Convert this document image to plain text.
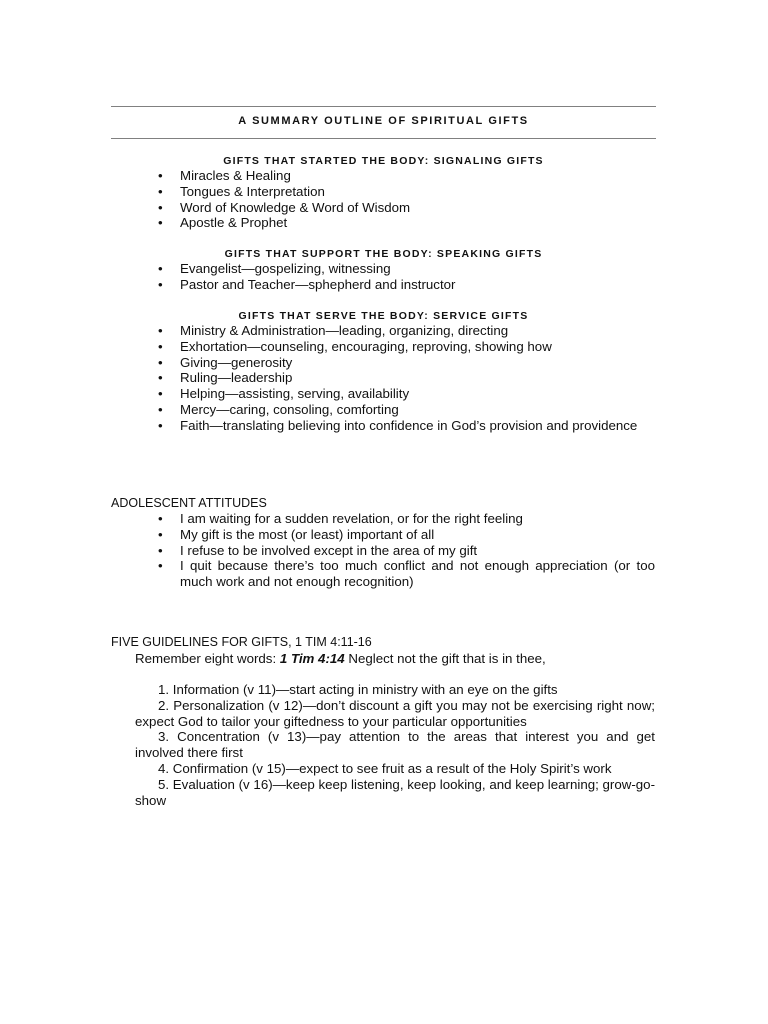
A SUMMARY OUTLINE OF SPIRITUAL GIFTS
GIFTS THAT STARTED THE BODY: SIGNALING GIFTS
• Miracles & Healing
• Tongues & Interpretation
• Word of Knowledge & Word of Wisdom
• Apostle & Prophet
GIFTS THAT SUPPORT THE BODY: SPEAKING GIFTS
• Evangelist—gospelizing, witnessing
• Pastor and Teacher—sphepherd and instructor
GIFTS THAT SERVE THE BODY: SERVICE GIFTS
• Ministry & Administration—leading, organizing, directing
• Exhortation—counseling, encouraging, reproving, showing how
• Giving—generosity
• Ruling—leadership
• Helping—assisting, serving, availability
• Mercy—caring, consoling, comforting
• Faith—translating believing into confidence in God’s provision and providence
ADOLESCENT ATTITUDES
• I am waiting for a sudden revelation, or for the right feeling
• My gift is the most (or least) important of all
• I refuse to be involved except in the area of my gift
• I quit because there’s too much conflict and not enough appreciation (or too much work and not enough recognition)
FIVE GUIDELINES FOR GIFTS, 1 TIM 4:11-16
Remember eight words: 1 Tim 4:14 Neglect not the gift that is in thee,
1. Information (v 11)—start acting in ministry with an eye on the gifts
2. Personalization (v 12)—don’t discount a gift you may not be exercising right now; expect God to tailor your giftedness to your particular opportunities
3. Concentration (v 13)—pay attention to the areas that interest you and get involved there first
4. Confirmation (v 15)—expect to see fruit as a result of the Holy Spirit’s work
5. Evaluation (v 16)—keep keep listening, keep looking, and keep learning; grow-go-show
